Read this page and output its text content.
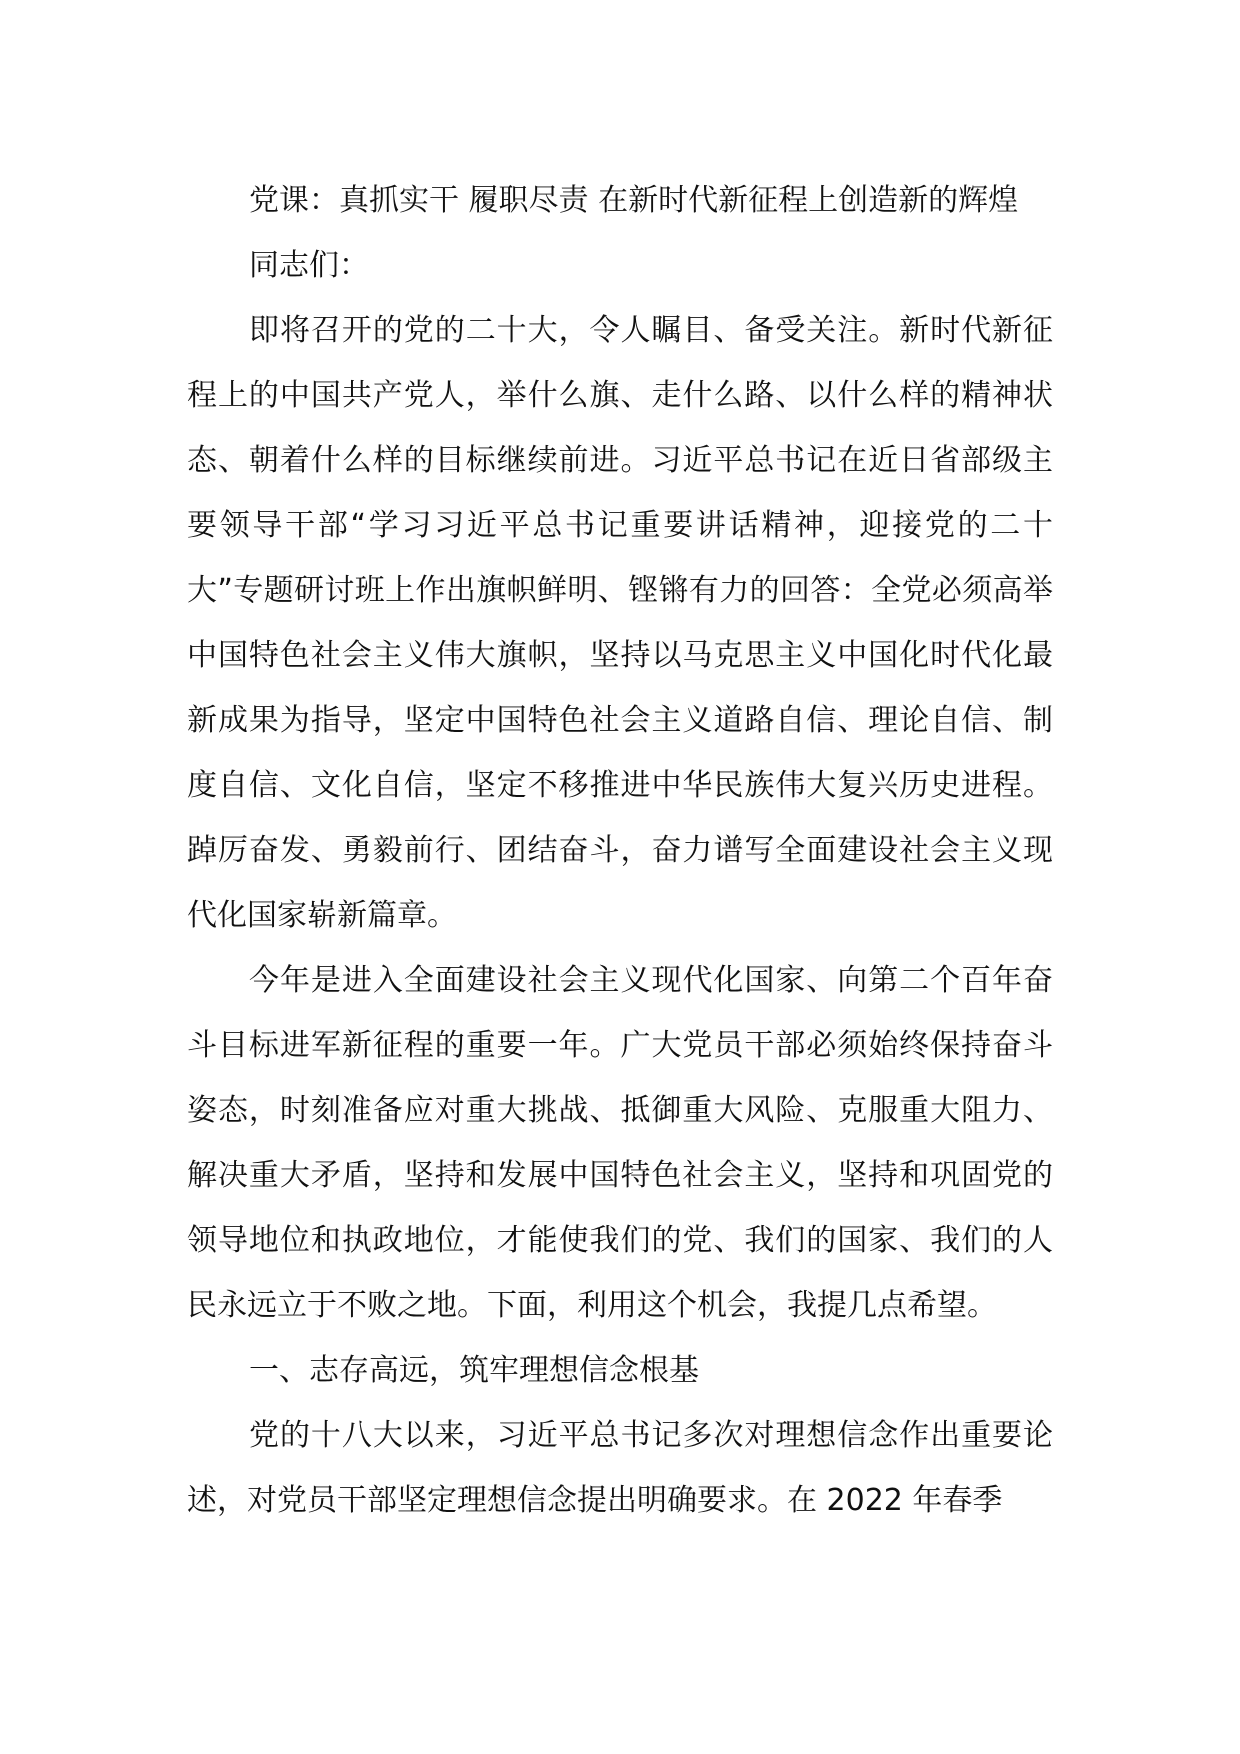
党课：真抓实干 履职尽责 在新时代新征程上创造新的辉煌

同志们：

即将召开的党的二十大，令人瞩目、备受关注。新时代新征程上的中国共产党人，举什么旗、走什么路、以什么样的精神状态、朝着什么样的目标继续前进。习近平总书记在近日省部级主要领导干部“学习习近平总书记重要讲话精神，迎接党的二十大”专题研讨班上作出旗帜鲜明、铿锵有力的回答：全党必须高举中国特色社会主义伟大旗帜，坚持以马克思主义中国化时代化最新成果为指导，坚定中国特色社会主义道路自信、理论自信、制度自信、文化自信，坚定不移推进中华民族伟大复兴历史进程。踔厉奋发、勇毅前行、团结奋斗，奋力谱写全面建设社会主义现代化国家崭新篇章。

今年是进入全面建设社会主义现代化国家、向第二个百年奋斗目标进军新征程的重要一年。广大党员干部必须始终保持奋斗姿态，时刻准备应对重大挑战、抵御重大风险、克服重大阻力、解决重大矛盾，坚持和发展中国特色社会主义，坚持和巩固党的领导地位和执政地位，才能使我们的党、我们的国家、我们的人民永远立于不败之地。下面，利用这个机会，我提几点希望。

一、志存高远，筑牢理想信念根基

党的十八大以来，习近平总书记多次对理想信念作出重要论述，对党员干部坚定理想信念提出明确要求。在 2022 年春季
